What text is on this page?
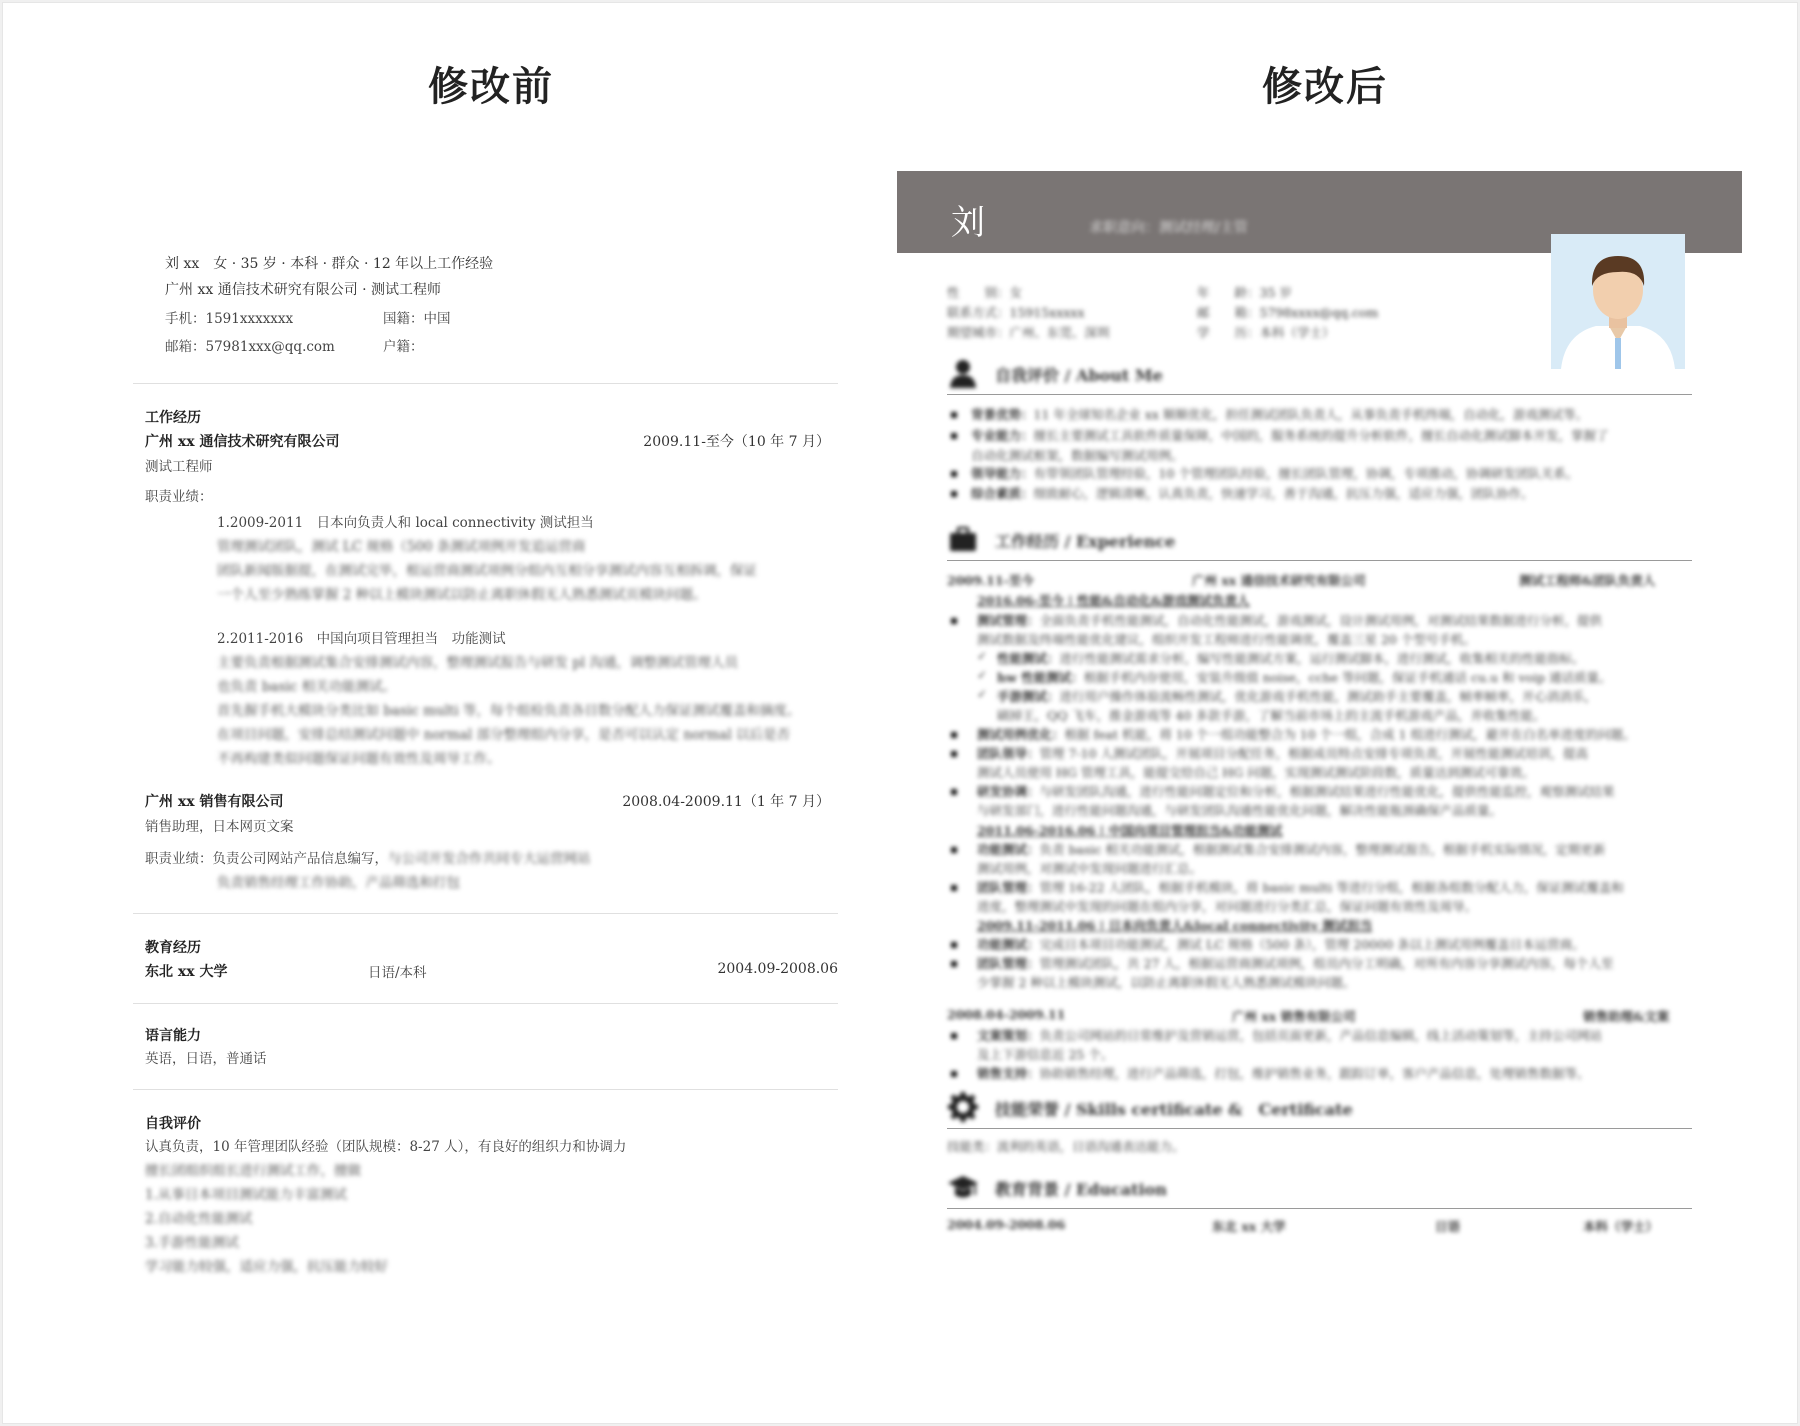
修改前	修改后
刘 xx　女 · 35 岁 · 本科 · 群众 · 12 年以上工作经验
广州 xx 通信技术研究有限公司 · 测试工程师
手机：1591xxxxxxx	国籍：中国
邮箱：57981xxx@qq.com	户籍：
工作经历
广州 xx 通信技术研究有限公司	2009.11-至今（10 年 7 月）
测试工程师
职责业绩：
1.2009-2011　日本向负责人和 local connectivity 测试担当
管理测试团队，测试 LC 规格（500 条测试项例开发追运营商
团队新闻版据提，在测试完毕，根运营商测试项例分组内互相分享测试内容互相拆调，保证
一个人至少熟练掌握 2 种以上模块测试以防止离职休假无人熟悉测试页模块问题。
2.2011-2016　中国向项目管理担当　功能测试
主要负责根据测试集合安排测试内容，整理测试报告与研发 pl 沟通，调整测试管理人员
也负责 basic 相关功能测试。
首先握手机大模块分类比如 basic multi 等，每个组检负责各目数分配人力保证测试覆盖和摘度。
在项目问题，安排总结测试问题中 normal 部分整理组内分享，是否可以认定 normal 以后是否
不再构建类似问题保证问题有效性及周导工作。
广州 xx 销售有限公司	2008.04-2009.11（1 年 7 月）
销售助理，日本网页文案
职责业绩：负责公司网站产品信息编写，与公司开发合作共同专大运营网站
负责销售经理工作协助，产品筛选和打包
教育经历
东北 xx 大学	日语/本科	2004.09-2008.06
语言能力
英语，日语，普通话
自我评价
认真负责，10 年管理团队经验（团队规模：8-27 人），有良好的组织力和协调力
擅长团组织组长进行测试工作，擅做
1.从事日本项目测试能力丰富测试
2.自动化性能测试
3.手游性能测试
学习能力较强，适应力强，抗压能力较好
刘	求职意向：测试经理/主管
性　　别：女	年　　龄：35 岁
联系方式：15915xxxxx	邮　　箱：5798xxxx@qq.com
期望城市：广州、东莞、深圳	学　　历：本科（学士）
自我评价 / About Me
背景优势：11 年全球知名企业 xx 顺顺优化，担任测试团队负责人，从事负责手机终端，自动化，游戏测试等。
专业能力：擅长主要测试工具软件质量保障，中国的，服务系统的提升分析软件，擅长自动化测试脚本开发，掌握了
自动化测试框架，数据编写测试用例。
领导能力：有带领团队管理经验，10 个管理团队经验，擅长团队管理，协调，专项推动，协调研发团队关系。
综合素质：细致耐心，逻辑清晰，认真负责，快速学习，善于沟通，抗压力强，适应力强，团队协作。
工作经历 / Experience
2009.11-至今	广州 xx 通信技术研究有限公司	测试工程师&团队负责人
2016.06-至今 | 性能&自动化&游戏测试负责人
测试管理：全面负责手机性能测试，自动化性能测试，游戏测试，设计测试用例，对测试结果数据进行分析，提供
测试数据及终端性能优化建议，组织开发工程师进行性能调优，覆盖三星 20 个型号手机。
✓ 性能测试：进行性能测试需求分析，编写性能测试方案，运行测试脚本，进行测试，收集相关的性能指标。
✓ hw 性能测试：根据手机内存使用，安装升级值 noise，cche 等问题，保证手机通话 cu.u 和 voip 通话质量。
✓ 手游测试：进行用户操作体验流畅性测试，优化游戏手机性能，测试助手主要覆盖，帧率帧率，开心消消乐，
刷掉王，QQ 飞车，推金游戏等 40 多款手游，了解当前市场上的主流手机游戏产品，并收集性能。
测试用例优化：根据 feat 机能，将 10 个一组功能整合为 10 个一组，合成 1 组进行测试，避开在白名单进度的问题。
团队领导：管理 7-10 人测试团队，开展项目分配任务，根据成员特点安排专项负责，开展性能测试培训，提高
测试人员使用 HG 管理工具，能提交给自己 HG 问题，实现测试测试阶段数，质量达到测试可靠效。
研发协调：与研发团队沟通，进行性能问题定位和分析，根据测试结果进行性能优化，提供性能监控，观察测试结果
与研发部门，进行性能问题沟通，与研发团队沟通性能优化问题，解决性能瓶颈确保产品质量。
2011.06-2016.06 | 中国向项目管理担当&功能测试
功能测试：负责 basic 相关功能测试，根据测试集合安排测试内容，整理测试报告，根据手机实际情况，定期更新
测试用例，对测试中发现问题进行汇总。
团队管理：管理 16-22 人团队，根据手机模块，将 basic multi 等进行分组，根据各组数分配人力，保证测试覆盖和
进度，整理测试中发现的问题在组内分享，对问题进行分类汇总，保证问题有效性及周导。
2009.11-2011.06 | 日本向负责人&local connectivity 测试担当
功能测试：完成日本项目功能测试，测试 LC 规格（500 条），管理 20000 条以上测试用例覆盖日本运营商。
团队管理：管理测试团队，共 27 人，根据运营商测试项例，组员内分工明确，对所有内容分享测试内容，每个人至
少掌握 2 种以上模块测试，以防止离职休假无人熟悉测试模块问题。
2008.04-2009.11	广州 xx 销售有限公司	销售助理&文案
文案策划：负责公司网站的日常维护及营销运营，包括页面更新，产品信息编辑，线上活动策划等，主持公司网站
及上下游信息近 25 个。
销售支持：协助销售经理，进行产品筛选，打包，维护销售业务，跟踪订单，客户产品信息，处理销售数据等。
技能荣誉 / Skills certificate &　Certificate
技能类：流利的英语，日语沟通表达能力。
教育背景 / Education
2004.09-2008.06	东北 xx 大学	日语	本科（学士）
